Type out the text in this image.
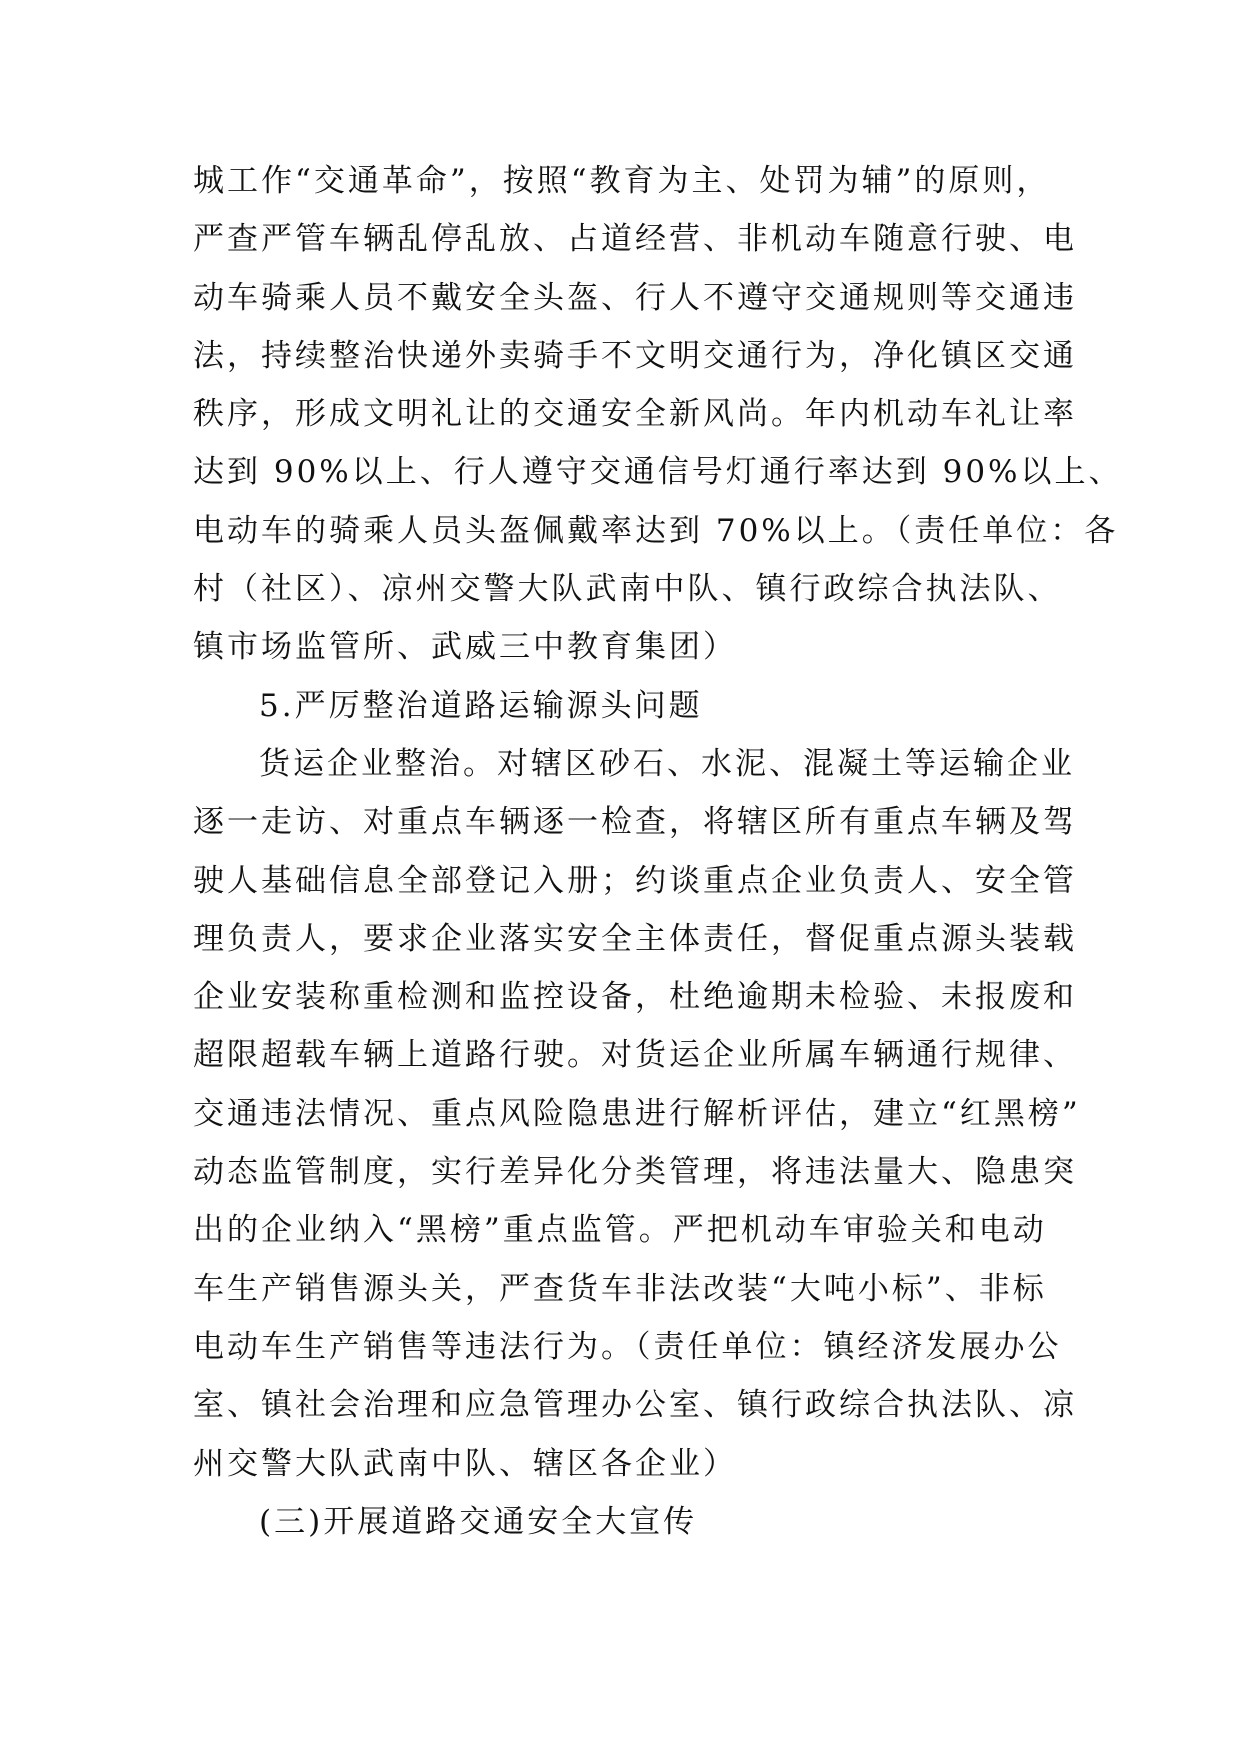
城工作“交通革命”，按照“教育为主、处罚为辅”的原则，
严查严管车辆乱停乱放、占道经营、非机动车随意行驶、电
动车骑乘人员不戴安全头盔、行人不遵守交通规则等交通违
法，持续整治快递外卖骑手不文明交通行为，净化镇区交通
秩序，形成文明礼让的交通安全新风尚。年内机动车礼让率
达到 90%以上、行人遵守交通信号灯通行率达到 90%以上、
电动车的骑乘人员头盔佩戴率达到 70%以上。（责任单位：各
村（社区）、凉州交警大队武南中队、镇行政综合执法队、
镇市场监管所、武威三中教育集团）
5.严厉整治道路运输源头问题
货运企业整治。对辖区砂石、水泥、混凝土等运输企业
逐一走访、对重点车辆逐一检查，将辖区所有重点车辆及驾
驶人基础信息全部登记入册；约谈重点企业负责人、安全管
理负责人，要求企业落实安全主体责任，督促重点源头装载
企业安装称重检测和监控设备，杜绝逾期未检验、未报废和
超限超载车辆上道路行驶。对货运企业所属车辆通行规律、
交通违法情况、重点风险隐患进行解析评估，建立“红黑榜”
动态监管制度，实行差异化分类管理，将违法量大、隐患突
出的企业纳入“黑榜”重点监管。严把机动车审验关和电动
车生产销售源头关，严查货车非法改装“大吨小标”、非标
电动车生产销售等违法行为。（责任单位：镇经济发展办公
室、镇社会治理和应急管理办公室、镇行政综合执法队、凉
州交警大队武南中队、辖区各企业）
(三)开展道路交通安全大宣传
